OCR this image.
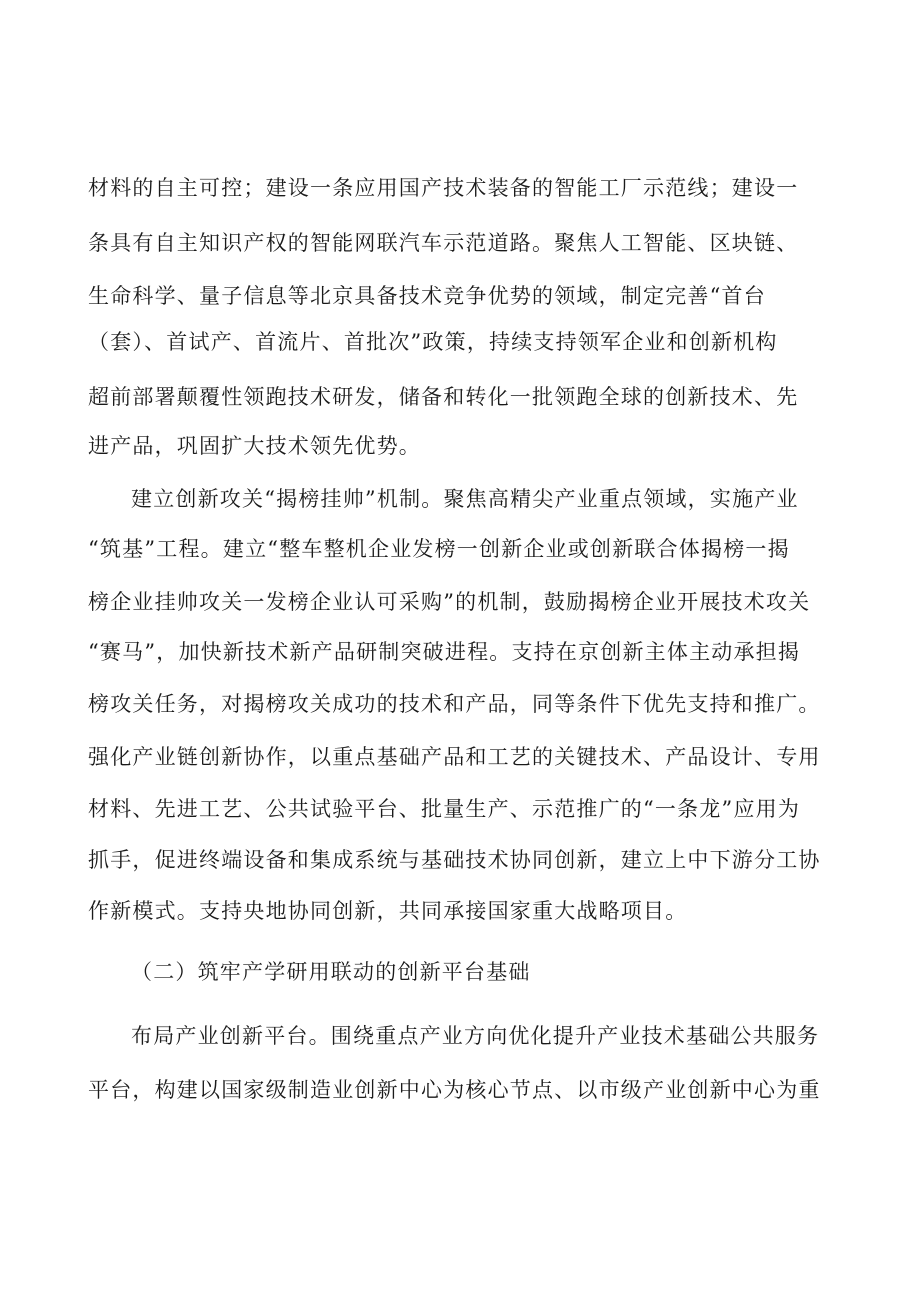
材料的自主可控；建设一条应用国产技术装备的智能工厂示范线；建设一
条具有自主知识产权的智能网联汽车示范道路。聚焦人工智能、区块链、
生命科学、量子信息等北京具备技术竞争优势的领域，制定完善“首台
（套）、首试产、首流片、首批次”政策，持续支持领军企业和创新机构
超前部署颠覆性领跑技术研发，储备和转化一批领跑全球的创新技术、先
进产品，巩固扩大技术领先优势。
建立创新攻关“揭榜挂帅”机制。聚焦高精尖产业重点领域，实施产业
“筑基”工程。建立“整车整机企业发榜一创新企业或创新联合体揭榜一揭
榜企业挂帅攻关一发榜企业认可采购”的机制，鼓励揭榜企业开展技术攻关
“赛马”，加快新技术新产品研制突破进程。支持在京创新主体主动承担揭
榜攻关任务，对揭榜攻关成功的技术和产品，同等条件下优先支持和推广。
强化产业链创新协作，以重点基础产品和工艺的关键技术、产品设计、专用
材料、先进工艺、公共试验平台、批量生产、示范推广的“一条龙”应用为
抓手，促进终端设备和集成系统与基础技术协同创新，建立上中下游分工协
作新模式。支持央地协同创新，共同承接国家重大战略项目。
（二）筑牢产学研用联动的创新平台基础
布局产业创新平台。围绕重点产业方向优化提升产业技术基础公共服务
平台，构建以国家级制造业创新中心为核心节点、以市级产业创新中心为重
